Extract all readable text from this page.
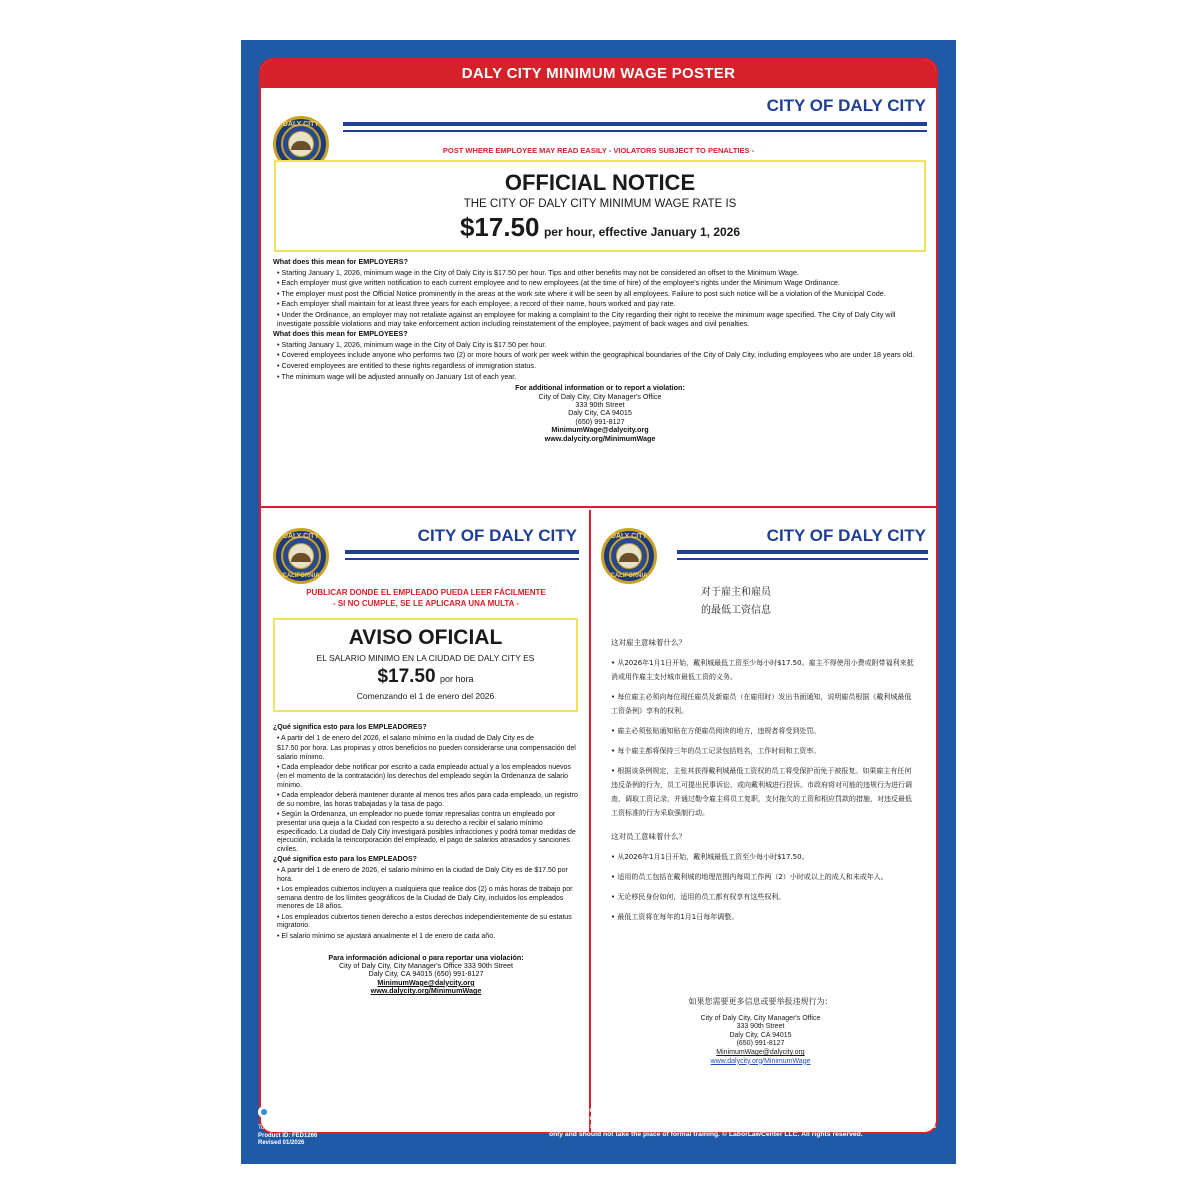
DALY CITY MINIMUM WAGE POSTER
DALY CITY
CITY OF DALY CITY
POST WHERE EMPLOYEE MAY READ EASILY - VIOLATORS SUBJECT TO PENALTIES -
OFFICIAL NOTICE
THE CITY OF DALY CITY MINIMUM WAGE RATE IS
$17.50 per hour, effective January 1, 2026
What does this mean for EMPLOYERS?
• Starting January 1, 2026, minimum wage in the City of Daly City is $17.50 per hour. Tips and other benefits may not be considered an offset to the Minimum Wage.
• Each employer must give written notification to each current employee and to new employees (at the time of hire) of the employee's rights under the Minimum Wage Ordinance.
• The employer must post the Official Notice prominently in the areas at the work site where it will be seen by all employees. Failure to post such notice will be a violation of the Municipal Code.
• Each employer shall maintain for at least three years for each employee, a record of their name, hours worked and pay rate.
• Under the Ordinance, an employer may not retaliate against an employee for making a complaint to the City regarding their right to receive the minimum wage specified. The City of Daly City will investigate possible violations and may take enforcement action including reinstatement of the employee, payment of back wages and civil penalties.
What does this mean for EMPLOYEES?
• Starting January 1, 2026, minimum wage in the City of Daly City is $17.50 per hour.
• Covered employees include anyone who performs two (2) or more hours of work per week within the geographical boundaries of the City of Daly City, including employees who are under 18 years old.
• Covered employees are entitled to these rights regardless of immigration status.
• The minimum wage will be adjusted annually on January 1st of each year.
For additional information or to report a violation:
City of Daly City, City Manager's Office
333 90th Street
Daly City, CA 94015
(650) 991-8127
MinimumWage@dalycity.org
www.dalycity.org/MinimumWage
DALY CITY
CALIFORNIA
CITY OF DALY CITY
PUBLICAR DONDE EL EMPLEADO PUEDA LEER FÁCILMENTE
- SI NO CUMPLE, SE LE APLICARA UNA MULTA -
AVISO OFICIAL
EL SALARIO MINIMO EN LA CIUDAD DE DALY CITY ES
$17.50 por hora
Comenzando el 1 de enero del 2026
¿Qué significa esto para los EMPLEADORES?
• A partir del 1 de enero del 2026, el salario mínimo en la ciudad de Daly City es de
$17.50 por hora. Las propinas y otros beneficios no pueden considerarse una compensación del salario mínimo.
• Cada empleador debe notificar por escrito a cada empleado actual y a los empleados nuevos (en el momento de la contratación) los derechos del empleado según la Ordenanza de salario mínimo.
• Cada empleador deberá mantener durante al menos tres años para cada empleado, un registro de su nombre, las horas trabajadas y la tasa de pago.
• Según la Ordenanza, un empleador no puede tomar represalias contra un empleado por presentar una queja a la Ciudad con respecto a su derecho a recibir el salario mínimo especificado. La ciudad de Daly City investigará posibles infracciones y podrá tomar medidas de ejecución, incluida la reincorporación del empleado, el pago de salarios atrasados y sanciones civiles.
¿Qué significa esto para los EMPLEADOS?
• A partir del 1 de enero de 2026, el salario mínimo en la ciudad de Daly City es de $17.50 por hora.
• Los empleados cubiertos incluyen a cualquiera que realice dos (2) o más horas de trabajo por semana dentro de los límites geográficos de la Ciudad de Daly City, incluidos los empleados menores de 18 años.
• Los empleados cubiertos tienen derecho a estos derechos independientemente de su estatus migratorio.
• El salario mínimo se ajustará anualmente el 1 de enero de cada año.
Para información adicional o para reportar una violación:
City of Daly City, City Manager's Office 333 90th Street
Daly City, CA 94015 (650) 991-8127
MinimumWage@dalycity.org
www.dalycity.org/MinimumWage
DALY CITY
CALIFORNIA
CITY OF DALY CITY
对于雇主和雇员
的最低工资信息
这对雇主意味着什么？
• 从2026年1月1日开始，戴利城最低工资至少每小时$17.50。雇主不得使用小费或附带福利来抵消或用作雇主支付城市最低工资的义务。
• 每位雇主必须向每位现任雇员及新雇员（在雇用时）发出书面通知，说明雇员根据《戴利城最低工资条例》享有的权利。
• 雇主必须张贴通知贴在方便雇员阅读的地方，违规者将受到处罚。
• 每个雇主都将保持三年的员工记录包括姓名，工作时间和工资率。
• 根据该条例规定，主张其获得戴利城最低工资权的员工将受保护而免于被报复。如果雇主有任何违反条例的行为，员工可提出民事诉讼，或向戴利城进行投诉。市政府将对可能的违规行为进行调查，调取工资记录，并通过勒令雇主将员工复职，支付拖欠的工资和相应罚款的措施，对违反最低工资标准的行为采取强制行动。
这对员工意味着什么？
• 从2026年1月1日开始，戴利城最低工资至少每小时$17.50。
• 适用的员工包括在戴利城的地理范围内每周工作两（2）小时或以上的成人和未成年人。
• 无论移民身份如何，适用的员工都有权享有这些权利。
• 最低工资将在每年的1月1日每年调整。
如果您需要更多信息或要举报违规行为：
City of Daly City, City Manager's Office
333 90th Street
Daly City, CA 94015
(650) 991-8127
MinimumWage@dalycity.org
www.dalycity.org/MinimumWage
LaborLawCenter
an ExcelHire Company
To re-order call, 1-800-745-9970 or visit, www.LaborLawCenter.com
Product ID: FED1266
Revised 01/2026
LaborLawCenter LLC does NOT assume responsibility for the use, actions, or decisions made by the employer. LaborLawCenter LLC is NOT providing any legal advice or legal opinion by selling this poster. It is highly recommended that you consult with a legal advisor for your specific situation. The content on this poster is for informational purposes only and should not take the place of formal training. © LaborLawCenter LLC. All rights reserved.
